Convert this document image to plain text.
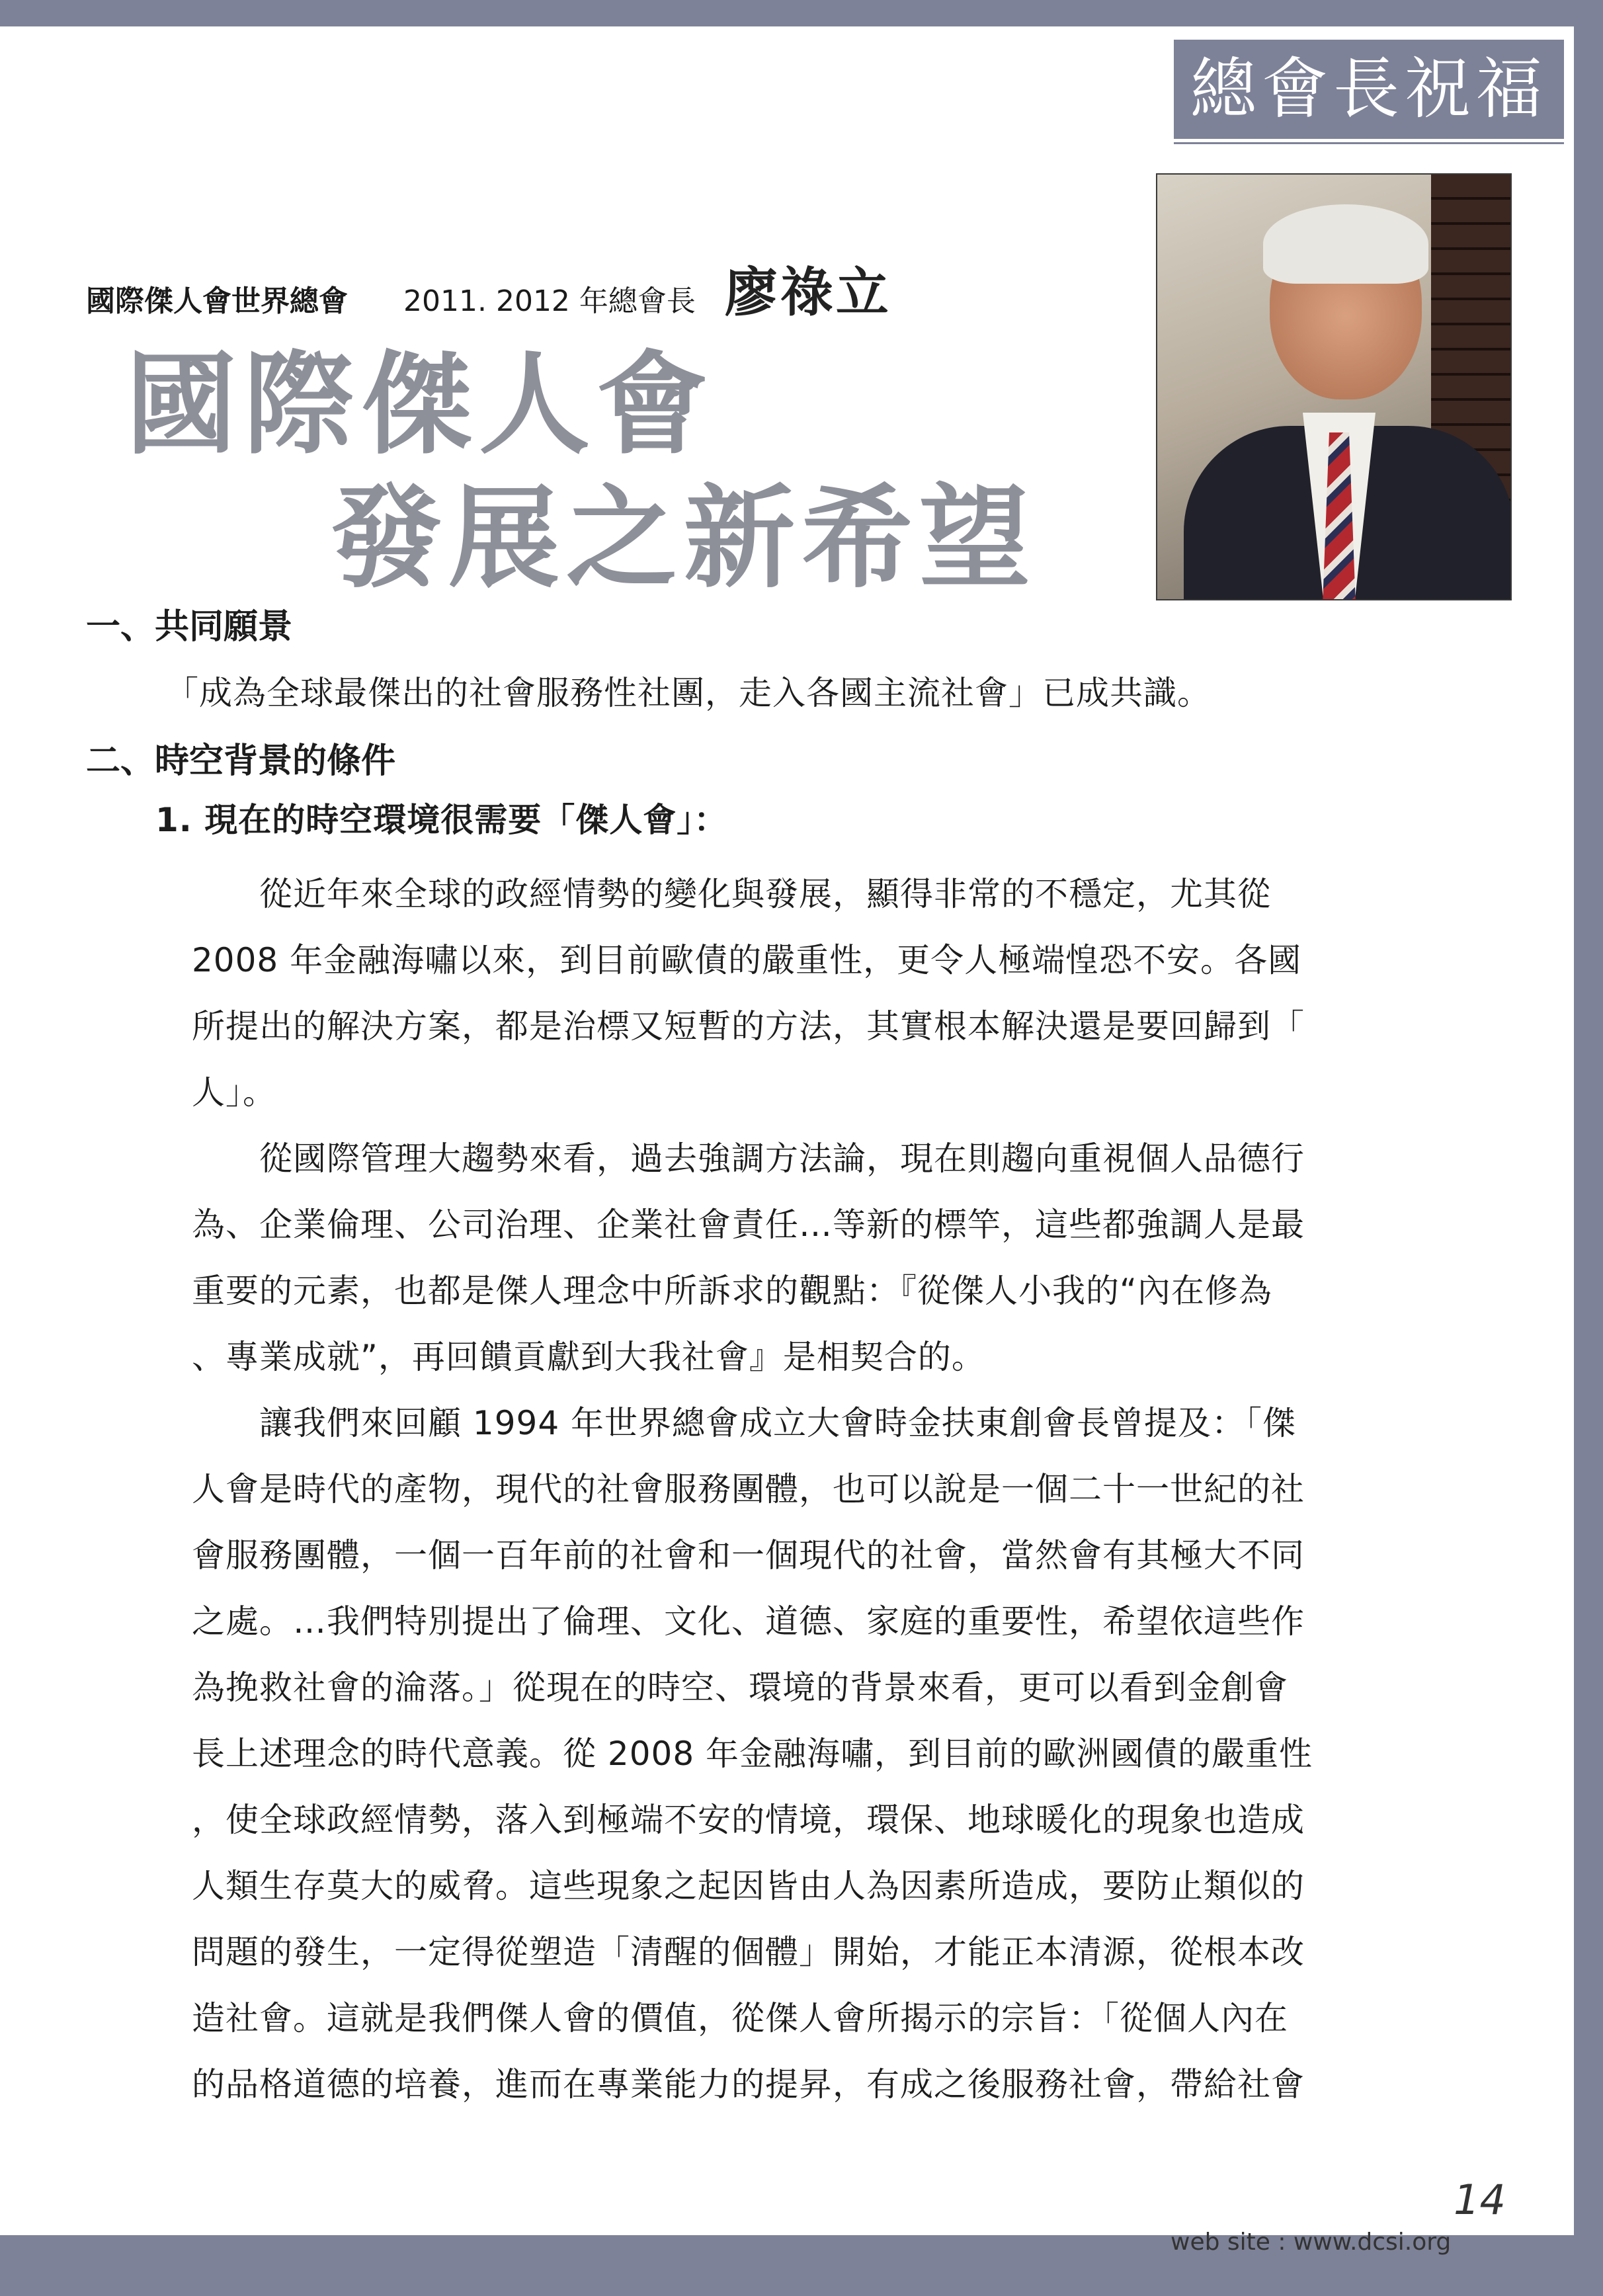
總會長祝福
國際傑人會世界總會 2011. 2012 年總會長 廖祿立
國際傑人會
發展之新希望
一、共同願景
「成為全球最傑出的社會服務性社團，走入各國主流社會」已成共識。
二、時空背景的條件
1. 現在的時空環境很需要「傑人會」：
從近年來全球的政經情勢的變化與發展，顯得非常的不穩定，尤其從
2008 年金融海嘯以來，到目前歐債的嚴重性，更令人極端惶恐不安。各國
所提出的解決方案，都是治標又短暫的方法，其實根本解決還是要回歸到「
人」。
從國際管理大趨勢來看，過去強調方法論，現在則趨向重視個人品德行
為、企業倫理、公司治理、企業社會責任…等新的標竿，這些都強調人是最
重要的元素，也都是傑人理念中所訴求的觀點：『從傑人小我的“內在修為
、專業成就”，再回饋貢獻到大我社會』是相契合的。
讓我們來回顧 1994 年世界總會成立大會時金扶東創會長曾提及：「傑
人會是時代的產物，現代的社會服務團體，也可以說是一個二十一世紀的社
會服務團體，一個一百年前的社會和一個現代的社會，當然會有其極大不同
之處。…我們特別提出了倫理、文化、道德、家庭的重要性，希望依這些作
為挽救社會的淪落。」從現在的時空、環境的背景來看，更可以看到金創會
長上述理念的時代意義。從 2008 年金融海嘯，到目前的歐洲國債的嚴重性
，使全球政經情勢，落入到極端不安的情境，環保、地球暖化的現象也造成
人類生存莫大的威脅。這些現象之起因皆由人為因素所造成，要防止類似的
問題的發生，一定得從塑造「清醒的個體」開始，才能正本清源，從根本改
造社會。這就是我們傑人會的價值，從傑人會所揭示的宗旨：「從個人內在
的品格道德的培養，進而在專業能力的提昇，有成之後服務社會，帶給社會
14
web site : www.dcsi.org
